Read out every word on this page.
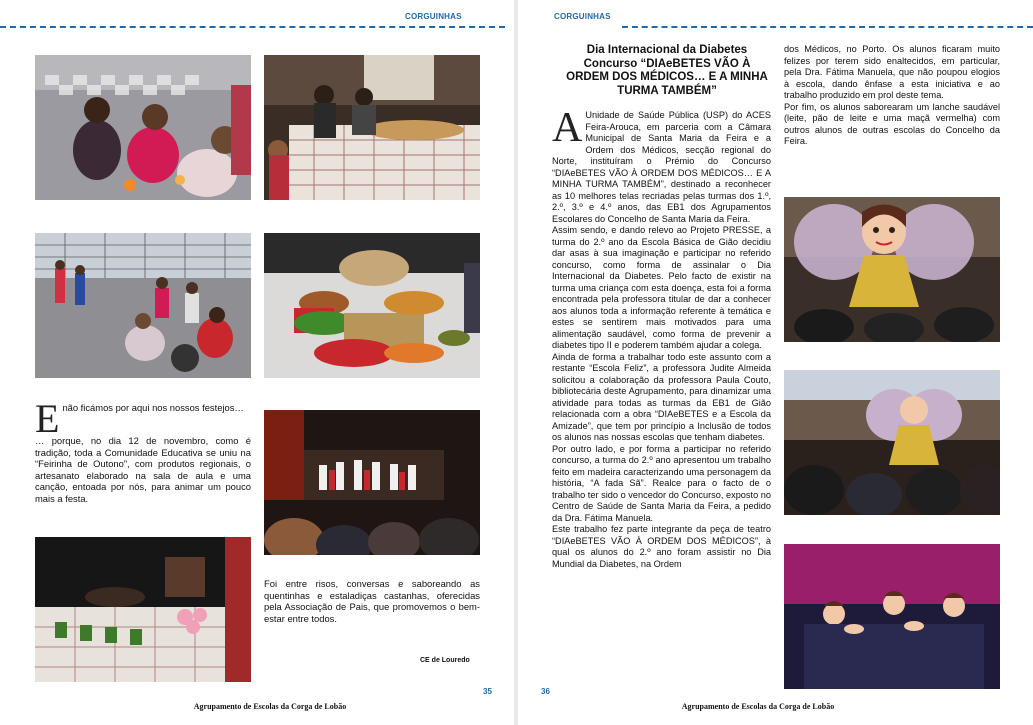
CORGUINHAS
E não ficámos por aqui nos nossos festejos…

… porque, no dia 12 de novembro, como é tradição, toda a Comunidade Educativa se uniu na “Feirinha de Outono”, com produtos regionais, o artesanato elaborado na sala de aula e uma canção, entoada por nós, para animar um pouco mais a festa.

Foi entre risos, conversas e saboreando as quentinhas e estaladiças castanhas, oferecidas pela Associação de Pais, que promovemos o bem-estar entre todos.
CE de Louredo
35
Agrupamento de Escolas da Corga de Lobão
CORGUINHAS
Dia Internacional da Diabetes
Concurso “DIAeBETES VÃO À
ORDEM DOS MÉDICOS… E A MINHA
TURMA TAMBÉM”
A Unidade de Saúde Pública (USP) do ACES Feira-Arouca, em parceria com a Câmara Municipal de Santa Maria da Feira e a Ordem dos Médicos, secção regional do Norte, instituíram o Prémio do Concurso “DIAeBETES VÃO À ORDEM DOS MÉDICOS… E A MINHA TURMA TAMBÉM”, destinado a reconhecer as 10 melhores telas recriadas pelas turmas dos 1.º, 2.º, 3.º e 4.º anos, das EB1 dos Agrupamentos Escolares do Concelho de Santa Maria da Feira.

Assim sendo, e dando relevo ao Projeto PRESSE, a turma do 2.º ano da Escola Básica de Gião decidiu dar asas à sua imaginação e participar no referido concurso, como forma de assinalar o Dia Internacional da Diabetes. Pelo facto de existir na turma uma criança com esta doença, esta foi a forma encontrada pela professora titular de dar a conhecer aos alunos toda a informação referente à temática e estes se sentirem mais motivados para uma alimentação saudável, como forma de prevenir a diabetes tipo II e poderem também ajudar a colega.

Ainda de forma a trabalhar todo este assunto com a restante “Escola Feliz”, a professora Judite Almeida solicitou a colaboração da professora Paula Couto, bibliotecária deste Agrupamento, para dinamizar uma atividade para todas as turmas da EB1 de Gião relacionada com a obra “DIAeBETES e a Escola da Amizade”, que tem por princípio a Inclusão de todos os alunos nas nossas escolas que tenham diabetes.

Por outro lado, e por forma a participar no referido concurso, a turma do 2.º ano apresentou um trabalho feito em madeira caracterizando uma personagem da história, “A fada Sã”. Realce para o facto de o trabalho ter sido o vencedor do Concurso, exposto no Centro de Saúde de Santa Maria da Feira, a pedido da Dra. Fátima Manuela.

Este trabalho fez parte integrante da peça de teatro “DIAeBETES VÃO À ORDEM DOS MÉDICOS”, à qual os alunos do 2.º ano foram assistir no Dia Mundial da Diabetes, na Ordem

dos Médicos, no Porto. Os alunos ficaram muito felizes por terem sido enaltecidos, em particular, pela Dra. Fátima Manuela, que não poupou elogios à escola, dando ênfase a esta iniciativa e ao trabalho produzido em prol deste tema.

Por fim, os alunos saborearam um lanche saudável (leite, pão de leite e uma maçã vermelha) com outros alunos de outras escolas do Concelho da Feira.

36
Agrupamento de Escolas da Corga de Lobão
